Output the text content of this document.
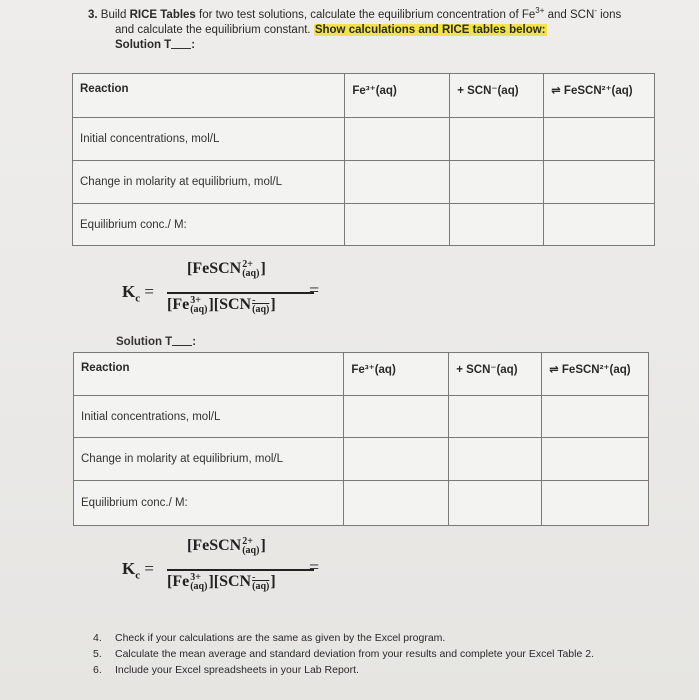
3. Build RICE Tables for two test solutions, calculate the equilibrium concentration of $Fe^{3+}$ and SCN- ions
and calculate the equilibrium constant. Show calculations and RICE tables below:
Solution T :
Reaction	Fe³⁺(aq)	+ SCN⁻(aq)	⇌ FeSCN²⁺(aq)
Initial concentrations, mol/L			
Change in molarity at equilibrium, mol/L			
Equilibrium conc./ M:			
$K_c$ =
[FeSCN 2+
(aq) ]
[Fe 3+
(aq) ][SCN -
(aq) ]
=
Solution T :
Reaction	Fe³⁺(aq)	+ SCN⁻(aq)	⇌ FeSCN²⁺(aq)
Initial concentrations, mol/L			
Change in molarity at equilibrium, mol/L			
Equilibrium conc./ M:			
$K_c$ =
[FeSCN 2+
(aq) ]
[Fe 3+
(aq) ][SCN -
(aq) ]
=
4. Check if your calculations are the same as given by the Excel program.
5. Calculate the mean average and standard deviation from your results and complete your Excel Table 2.
6. Include your Excel spreadsheets in your Lab Report.
